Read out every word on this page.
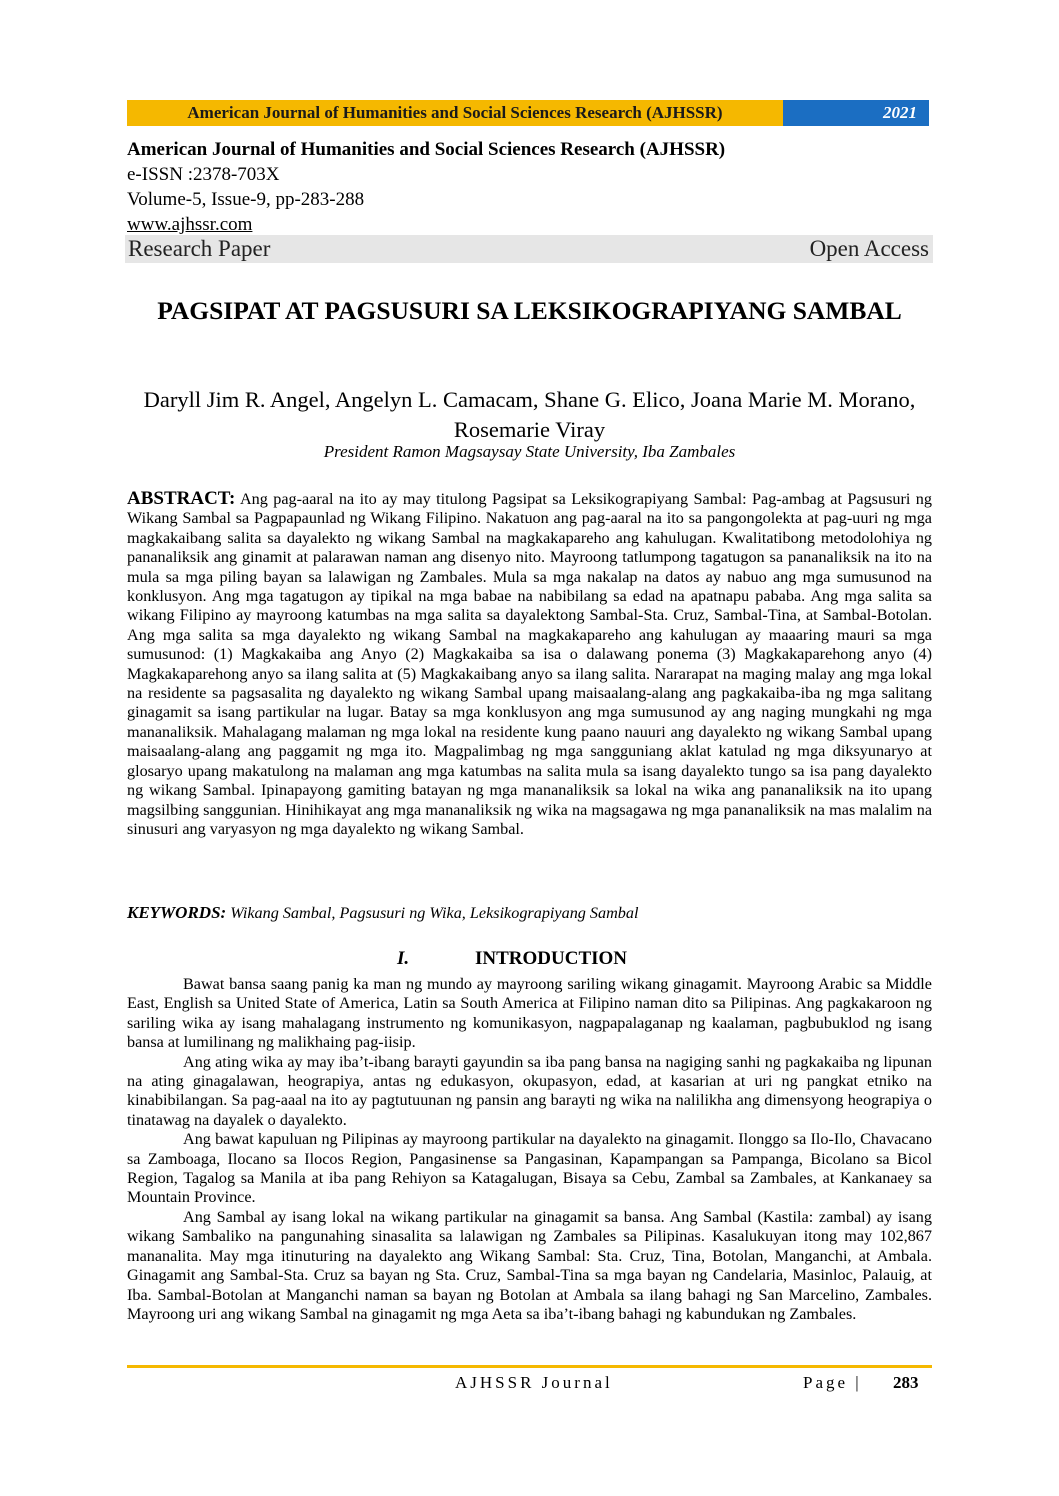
American Journal of Humanities and Social Sciences Research (AJHSSR)	2021
American Journal of Humanities and Social Sciences Research (AJHSSR)
e-ISSN :2378-703X
Volume-5, Issue-9, pp-283-288
www.ajhssr.com
Research Paper	Open Access
PAGSIPAT AT PAGSUSURI SA LEKSIKOGRAPIYANG SAMBAL
Daryll Jim R. Angel, Angelyn L. Camacam, Shane G. Elico, Joana Marie M. Morano, Rosemarie Viray
President Ramon Magsaysay State University, Iba Zambales
ABSTRACT: Ang pag-aaral na ito ay may titulong Pagsipat sa Leksikograpiyang Sambal: Pag-ambag at Pagsusuri ng Wikang Sambal sa Pagpapaunlad ng Wikang Filipino. Nakatuon ang pag-aaral na ito sa pangongolekta at pag-uuri ng mga magkakaibang salita sa dayalekto ng wikang Sambal na magkakapareho ang kahulugan. Kwalitatibong metodolohiya ng pananaliksik ang ginamit at palarawan naman ang disenyo nito. Mayroong tatlumpong tagatugon sa pananaliksik na ito na mula sa mga piling bayan sa lalawigan ng Zambales. Mula sa mga nakalap na datos ay nabuo ang mga sumusunod na konklusyon. Ang mga tagatugon ay tipikal na mga babae na nabibilang sa edad na apatnapu pababa. Ang mga salita sa wikang Filipino ay mayroong katumbas na mga salita sa dayalektong Sambal-Sta. Cruz, Sambal-Tina, at Sambal-Botolan. Ang mga salita sa mga dayalekto ng wikang Sambal na magkakapareho ang kahulugan ay maaaring mauri sa mga sumusunod: (1) Magkakaiba ang Anyo (2) Magkakaiba sa isa o dalawang ponema (3) Magkakaparehong anyo (4) Magkakaparehong anyo sa ilang salita at (5) Magkakaibang anyo sa ilang salita. Nararapat na maging malay ang mga lokal na residente sa pagsasalita ng dayalekto ng wikang Sambal upang maisaalang-alang ang pagkakaiba-iba ng mga salitang ginagamit sa isang partikular na lugar. Batay sa mga konklusyon ang mga sumusunod ay ang naging mungkahi ng mga mananaliksik. Mahalagang malaman ng mga lokal na residente kung paano nauuri ang dayalekto ng wikang Sambal upang maisaalang-alang ang paggamit ng mga ito. Magpalimbag ng mga sangguniang aklat katulad ng mga diksyunaryo at glosaryo upang makatulong na malaman ang mga katumbas na salita mula sa isang dayalekto tungo sa isa pang dayalekto ng wikang Sambal. Ipinapayong gamiting batayan ng mga mananaliksik sa lokal na wika ang pananaliksik na ito upang magsilbing sanggunian. Hinihikayat ang mga mananaliksik ng wika na magsagawa ng mga pananaliksik na mas malalim na sinusuri ang varyasyon ng mga dayalekto ng wikang Sambal.
KEYWORDS: Wikang Sambal, Pagsusuri ng Wika, Leksikograpiyang Sambal
I.	INTRODUCTION

Bawat bansa saang panig ka man ng mundo ay mayroong sariling wikang ginagamit. Mayroong Arabic sa Middle East, English sa United State of America, Latin sa South America at Filipino naman dito sa Pilipinas. Ang pagkakaroon ng sariling wika ay isang mahalagang instrumento ng komunikasyon, nagpapalaganap ng kaalaman, pagbubuklod ng isang bansa at lumilinang ng malikhaing pag-iisip.

Ang ating wika ay may iba’t-ibang barayti gayundin sa iba pang bansa na nagiging sanhi ng pagkakaiba ng lipunan na ating ginagalawan, heograpiya, antas ng edukasyon, okupasyon, edad, at kasarian at uri ng pangkat etniko na kinabibilangan. Sa pag-aaal na ito ay pagtutuunan ng pansin ang barayti ng wika na nalilikha ang dimensyong heograpiya o tinatawag na dayalek o dayalekto.

Ang bawat kapuluan ng Pilipinas ay mayroong partikular na dayalekto na ginagamit. Ilonggo sa Ilo-Ilo, Chavacano sa Zamboaga, Ilocano sa Ilocos Region, Pangasinense sa Pangasinan, Kapampangan sa Pampanga, Bicolano sa Bicol Region, Tagalog sa Manila at iba pang Rehiyon sa Katagalugan, Bisaya sa Cebu, Zambal sa Zambales, at Kankanaey sa Mountain Province.

Ang Sambal ay isang lokal na wikang partikular na ginagamit sa bansa. Ang Sambal (Kastila: zambal) ay isang wikang Sambaliko na pangunahing sinasalita sa lalawigan ng Zambales sa Pilipinas. Kasalukuyan itong may 102,867 mananalita. May mga itinuturing na dayalekto ang Wikang Sambal: Sta. Cruz, Tina, Botolan, Manganchi, at Ambala. Ginagamit ang Sambal-Sta. Cruz sa bayan ng Sta. Cruz, Sambal-Tina sa mga bayan ng Candelaria, Masinloc, Palauig, at Iba. Sambal-Botolan at Manganchi naman sa bayan ng Botolan at Ambala sa ilang bahagi ng San Marcelino, Zambales. Mayroong uri ang wikang Sambal na ginagamit ng mga Aeta sa iba’t-ibang bahagi ng kabundukan ng Zambales.

AJHSSR Journal	Page | 283
